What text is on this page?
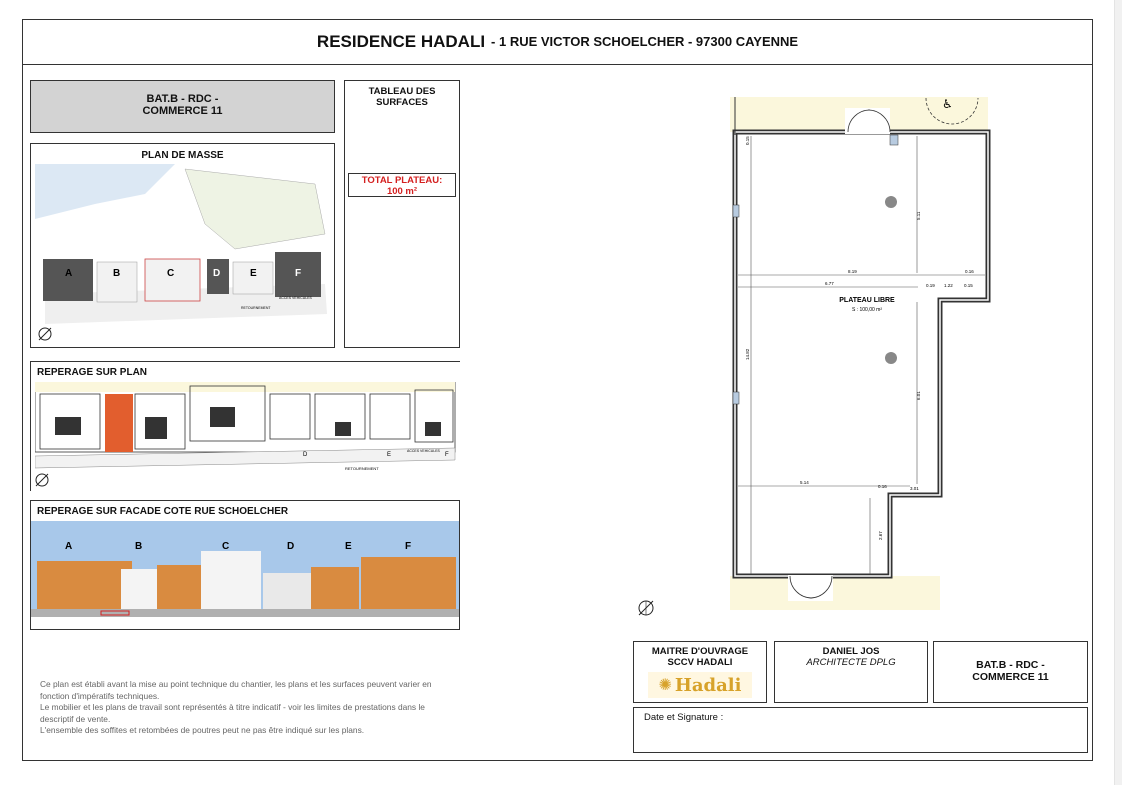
RESIDENCE HADALI - 1 RUE VICTOR SCHOELCHER - 97300 CAYENNE
BAT.B - RDC -
COMMERCE 11
PLAN DE MASSE
A	B	C	D	E	F
ACCES VEHICULES
RETOURNEMENT
TABLEAU DES
SURFACES
TOTAL PLATEAU:
100 m²
REPERAGE SUR PLAN
D	E	F
ACCES VEHICULES
RETOURNEMENT
REPERAGE SUR FACADE COTE RUE SCHOELCHER
A	B	C	D	E	F
Ce plan est établi avant la mise au point technique du chantier, les plans et les surfaces peuvent varier en
fonction d'impératifs techniques.
Le mobilier et les plans de travail sont représentés à titre indicatif - voir les limites de prestations dans le
descriptif de vente.
L'ensemble des soffites et retombées de poutres peut ne pas être indiqué sur les plans.
♿
8.19
6.77
5.14
5.11
6.01
14.82
0.15
0.19 1.22 0.15
0.16
3.01
0.16
2.67
PLATEAU LIBRE
S : 100,00 m²
MAITRE D'OUVRAGE
SCCV HADALI
✺ Hadali
DANIEL JOS
ARCHITECTE DPLG	BAT.B - RDC -
COMMERCE 11
Date et Signature :
